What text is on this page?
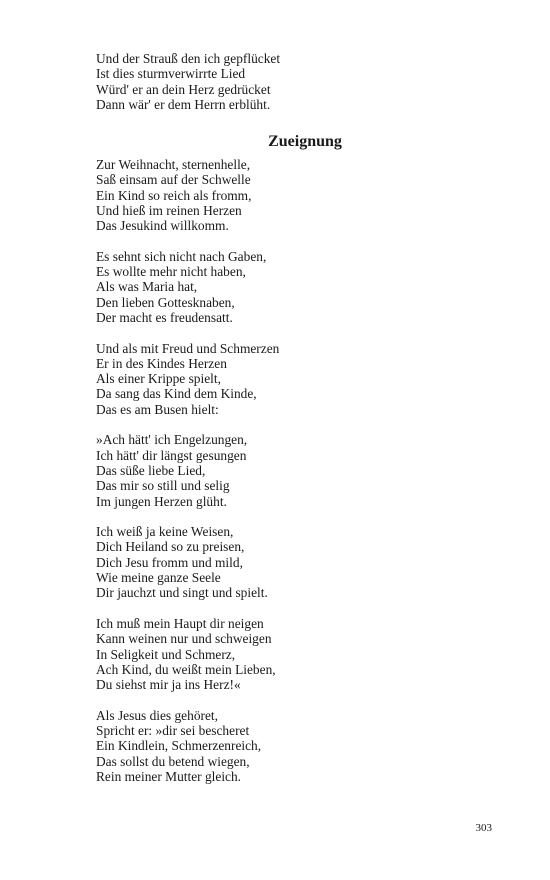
Und der Strauß den ich gepflücket
Ist dies sturmverwirrte Lied
Würd' er an dein Herz gedrücket
Dann wär' er dem Herrn erblüht.
Zueignung
Zur Weihnacht, sternenhelle,
Saß einsam auf der Schwelle
Ein Kind so reich als fromm,
Und hieß im reinen Herzen
Das Jesukind willkomm.
Es sehnt sich nicht nach Gaben,
Es wollte mehr nicht haben,
Als was Maria hat,
Den lieben Gottesknaben,
Der macht es freudensatt.
Und als mit Freud und Schmerzen
Er in des Kindes Herzen
Als einer Krippe spielt,
Da sang das Kind dem Kinde,
Das es am Busen hielt:
»Ach hätt' ich Engelzungen,
Ich hätt' dir längst gesungen
Das süße liebe Lied,
Das mir so still und selig
Im jungen Herzen glüht.
Ich weiß ja keine Weisen,
Dich Heiland so zu preisen,
Dich Jesu fromm und mild,
Wie meine ganze Seele
Dir jauchzt und singt und spielt.
Ich muß mein Haupt dir neigen
Kann weinen nur und schweigen
In Seligkeit und Schmerz,
Ach Kind, du weißt mein Lieben,
Du siehst mir ja ins Herz!«
Als Jesus dies gehöret,
Spricht er: »dir sei bescheret
Ein Kindlein, Schmerzenreich,
Das sollst du betend wiegen,
Rein meiner Mutter gleich.
303
